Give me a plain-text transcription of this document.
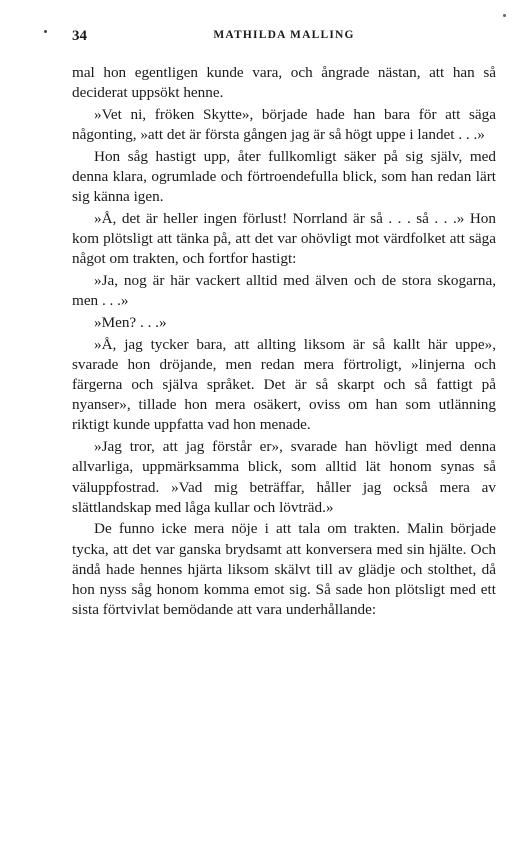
34	MATHILDA MALLING

mal hon egentligen kunde vara, och ångrade nästan, att han så deciderat uppsökt henne.

»Vet ni, fröken Skytte», började hade han bara för att säga någonting, »att det är första gången jag är så högt uppe i landet . . .»

Hon såg hastigt upp, åter fullkomligt säker på sig själv, med denna klara, ogrumlade och förtroendefulla blick, som han redan lärt sig känna igen.

»Å, det är heller ingen förlust! Norrland är så . . . så . . .» Hon kom plötsligt att tänka på, att det var ohövligt mot värdfolket att säga något om trakten, och fortfor hastigt:

»Ja, nog är här vackert alltid med älven och de stora skogarna, men . . .»

»Men? . . .»

»Å, jag tycker bara, att allting liksom är så kallt här uppe», svarade hon dröjande, men redan mera förtroligt, »linjerna och färgerna och själva språket. Det är så skarpt och så fattigt på nyanser», tillade hon mera osäkert, oviss om han som utlänning riktigt kunde uppfatta vad hon menade.

»Jag tror, att jag förstår er», svarade han hövligt med denna allvarliga, uppmärksamma blick, som alltid lät honom synas så väluppfostrad. »Vad mig beträffar, håller jag också mera av slättlandskap med låga kullar och lövträd.»

De funno icke mera nöje i att tala om trakten. Malin började tycka, att det var ganska brydsamt att konversera med sin hjälte. Och ändå hade hennes hjärta liksom skälvt till av glädje och stolthet, då hon nyss såg honom komma emot sig. Så sade hon plötsligt med ett sista förtvivlat bemödande att vara underhållande:
